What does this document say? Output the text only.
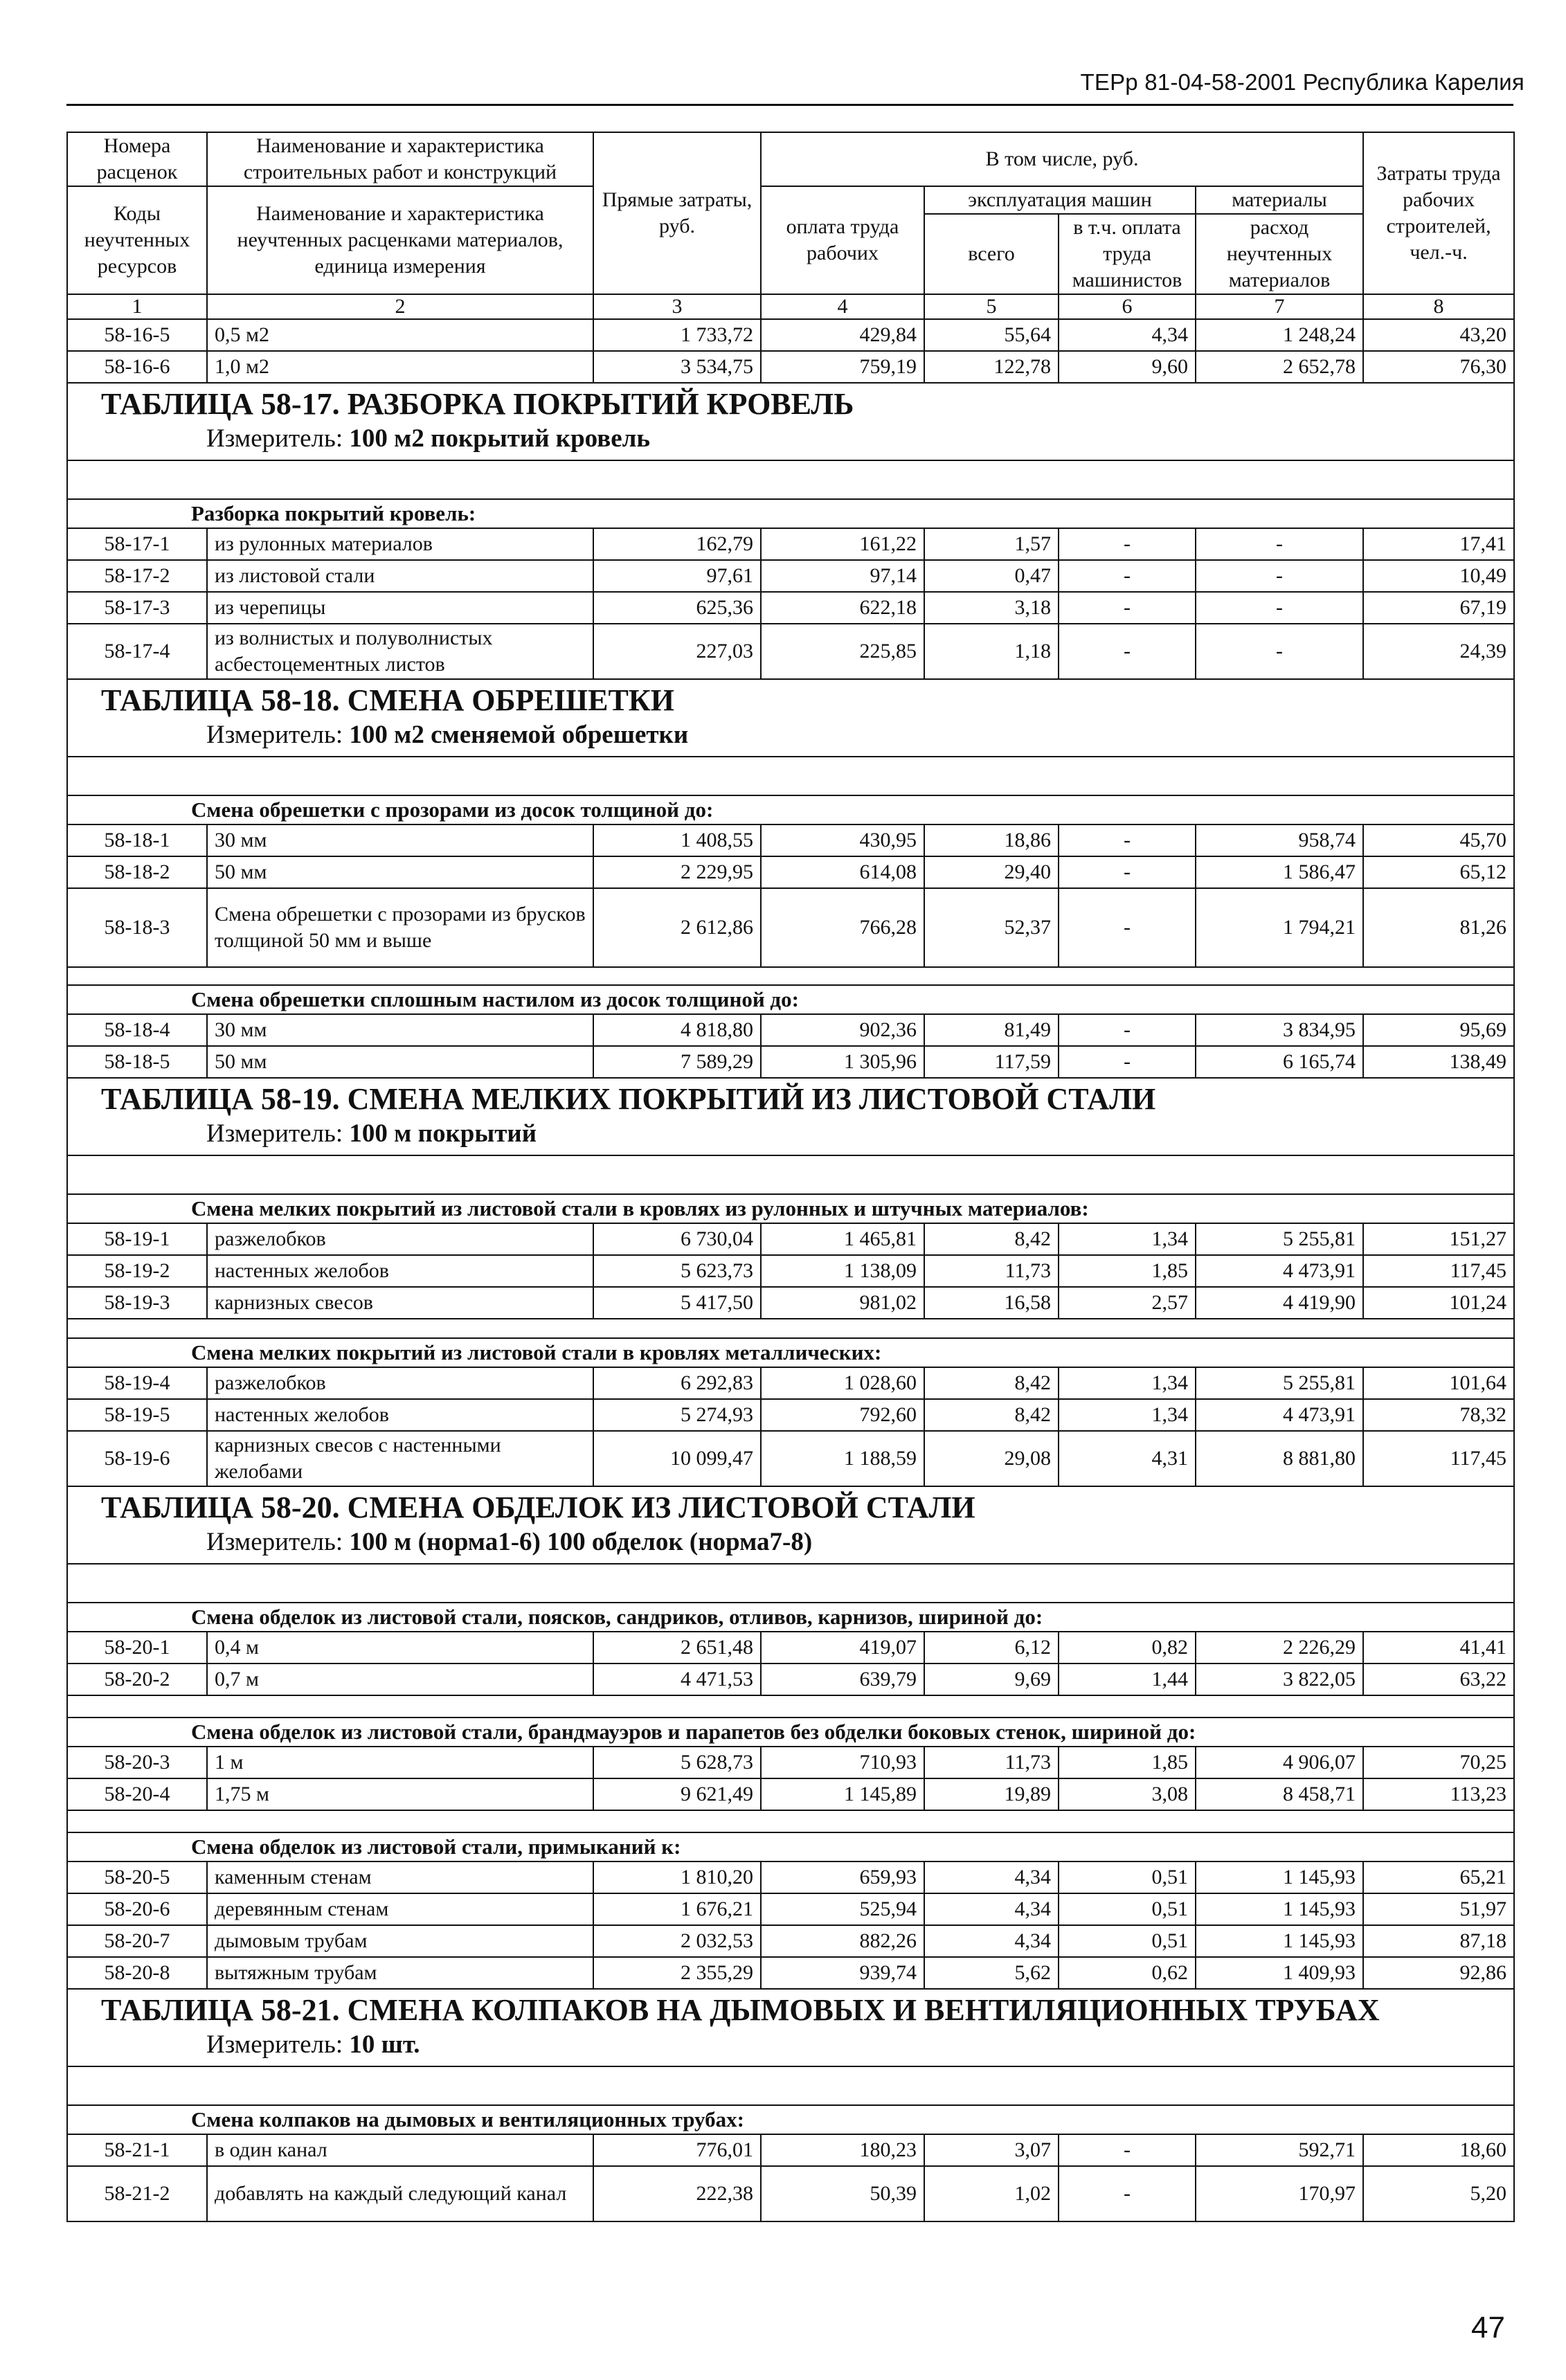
ТЕРр 81-04-58-2001 Республика Карелия
Номера расценок	Наименование и характеристика строительных работ и конструкций	Прямые затраты, руб.	В том числе, руб.				Затраты труда рабочих строителей, чел.-ч.
Коды неучтенных ресурсов	Наименование и характеристика неучтенных расценками материалов, единица измерения		оплата труда рабочих	эксплуатация машин		материалы	
				всего	в т.ч. оплата труда машинистов	расход неучтенных материалов	
1	2	3	4	5	6	7	8
58-16-5	0,5 м2	1 733,72	429,84	55,64	4,34	1 248,24	43,20
58-16-6	1,0 м2	3 534,75	759,19	122,78	9,60	2 652,78	76,30
ТАБЛИЦА 58-17. РАЗБОРКА ПОКРЫТИЙ КРОВЕЛЬ							
Измеритель: 100 м2 покрытий кровель							

Разборка покрытий кровель:							
58-17-1	из рулонных материалов	162,79	161,22	1,57	-	-	17,41
58-17-2	из листовой стали	97,61	97,14	0,47	-	-	10,49
58-17-3	из черепицы	625,36	622,18	3,18	-	-	67,19
58-17-4	из волнистых и полуволнистых асбестоцементных листов	227,03	225,85	1,18	-	-	24,39
ТАБЛИЦА 58-18. СМЕНА ОБРЕШЕТКИ							
Измеритель: 100 м2 сменяемой обрешетки							

Смена обрешетки с прозорами из досок толщиной до:							
58-18-1	30 мм	1 408,55	430,95	18,86	-	958,74	45,70
58-18-2	50 мм	2 229,95	614,08	29,40	-	1 586,47	65,12
58-18-3	Смена обрешетки с прозорами из брусков толщиной 50 мм и выше	2 612,86	766,28	52,37	-	1 794,21	81,26

Смена обрешетки сплошным настилом из досок толщиной до:							
58-18-4	30 мм	4 818,80	902,36	81,49	-	3 834,95	95,69
58-18-5	50 мм	7 589,29	1 305,96	117,59	-	6 165,74	138,49
ТАБЛИЦА 58-19. СМЕНА МЕЛКИХ ПОКРЫТИЙ ИЗ ЛИСТОВОЙ СТАЛИ							
Измеритель: 100 м покрытий							

Смена мелких покрытий из листовой стали в кровлях из рулонных и штучных материалов:							
58-19-1	разжелобков	6 730,04	1 465,81	8,42	1,34	5 255,81	151,27
58-19-2	настенных желобов	5 623,73	1 138,09	11,73	1,85	4 473,91	117,45
58-19-3	карнизных свесов	5 417,50	981,02	16,58	2,57	4 419,90	101,24

Смена мелких покрытий из листовой стали в кровлях металлических:							
58-19-4	разжелобков	6 292,83	1 028,60	8,42	1,34	5 255,81	101,64
58-19-5	настенных желобов	5 274,93	792,60	8,42	1,34	4 473,91	78,32
58-19-6	карнизных свесов с настенными желобами	10 099,47	1 188,59	29,08	4,31	8 881,80	117,45
ТАБЛИЦА 58-20. СМЕНА ОБДЕЛОК ИЗ ЛИСТОВОЙ СТАЛИ							
Измеритель: 100 м (норма1-6) 100 обделок (норма7-8)							

Смена обделок из листовой стали, поясков, сандриков, отливов, карнизов, шириной до:							
58-20-1	0,4 м	2 651,48	419,07	6,12	0,82	2 226,29	41,41
58-20-2	0,7 м	4 471,53	639,79	9,69	1,44	3 822,05	63,22

Смена обделок из листовой стали, брандмауэров и парапетов без обделки боковых стенок, шириной до:							
58-20-3	1 м	5 628,73	710,93	11,73	1,85	4 906,07	70,25
58-20-4	1,75 м	9 621,49	1 145,89	19,89	3,08	8 458,71	113,23

Смена обделок из листовой стали, примыканий к:							
58-20-5	каменным стенам	1 810,20	659,93	4,34	0,51	1 145,93	65,21
58-20-6	деревянным стенам	1 676,21	525,94	4,34	0,51	1 145,93	51,97
58-20-7	дымовым трубам	2 032,53	882,26	4,34	0,51	1 145,93	87,18
58-20-8	вытяжным трубам	2 355,29	939,74	5,62	0,62	1 409,93	92,86
ТАБЛИЦА 58-21. СМЕНА КОЛПАКОВ НА ДЫМОВЫХ И ВЕНТИЛЯЦИОННЫХ ТРУБАХ							
Измеритель: 10 шт.							

Смена колпаков на дымовых и вентиляционных трубах:							
58-21-1	в один канал	776,01	180,23	3,07	-	592,71	18,60
58-21-2	добавлять на каждый следующий канал	222,38	50,39	1,02	-	170,97	5,20
47
